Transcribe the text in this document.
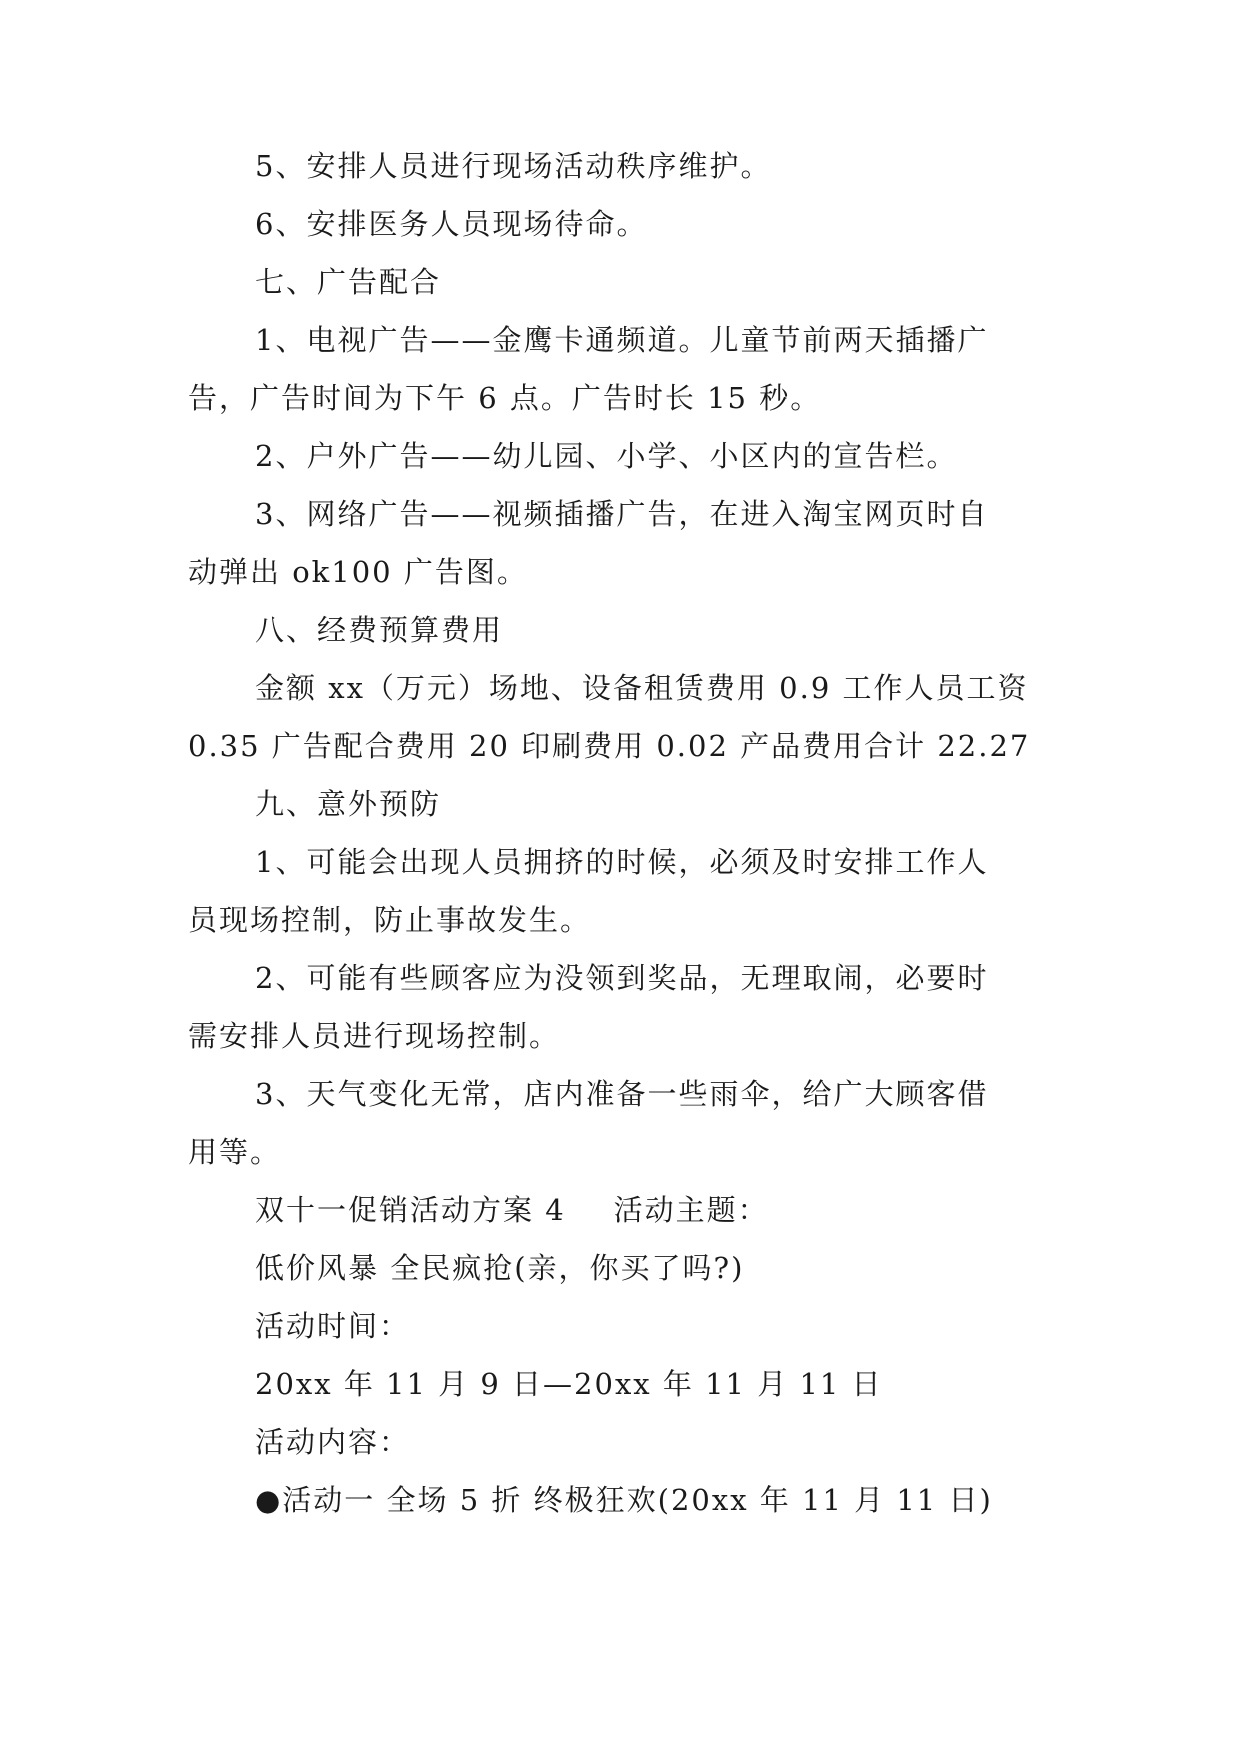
5、安排人员进行现场活动秩序维护。
6、安排医务人员现场待命。
七、广告配合
1、电视广告——金鹰卡通频道。儿童节前两天插播广
告，广告时间为下午 6 点。广告时长 15 秒。
2、户外广告——幼儿园、小学、小区内的宣告栏。
3、网络广告——视频插播广告，在进入淘宝网页时自
动弹出 ok100 广告图。
八、经费预算费用
金额 xx（万元）场地、设备租赁费用 0.9 工作人员工资
0.35 广告配合费用 20 印刷费用 0.02 产品费用合计 22.27
九、意外预防
1、可能会出现人员拥挤的时候，必须及时安排工作人
员现场控制，防止事故发生。
2、可能有些顾客应为没领到奖品，无理取闹，必要时
需安排人员进行现场控制。
3、天气变化无常，店内准备一些雨伞，给广大顾客借
用等。
双十一促销活动方案 4 活动主题：
低价风暴 全民疯抢(亲，你买了吗?)
活动时间：
20xx 年 11 月 9 日—20xx 年 11 月 11 日
活动内容：
●活动一 全场 5 折 终极狂欢(20xx 年 11 月 11 日)
